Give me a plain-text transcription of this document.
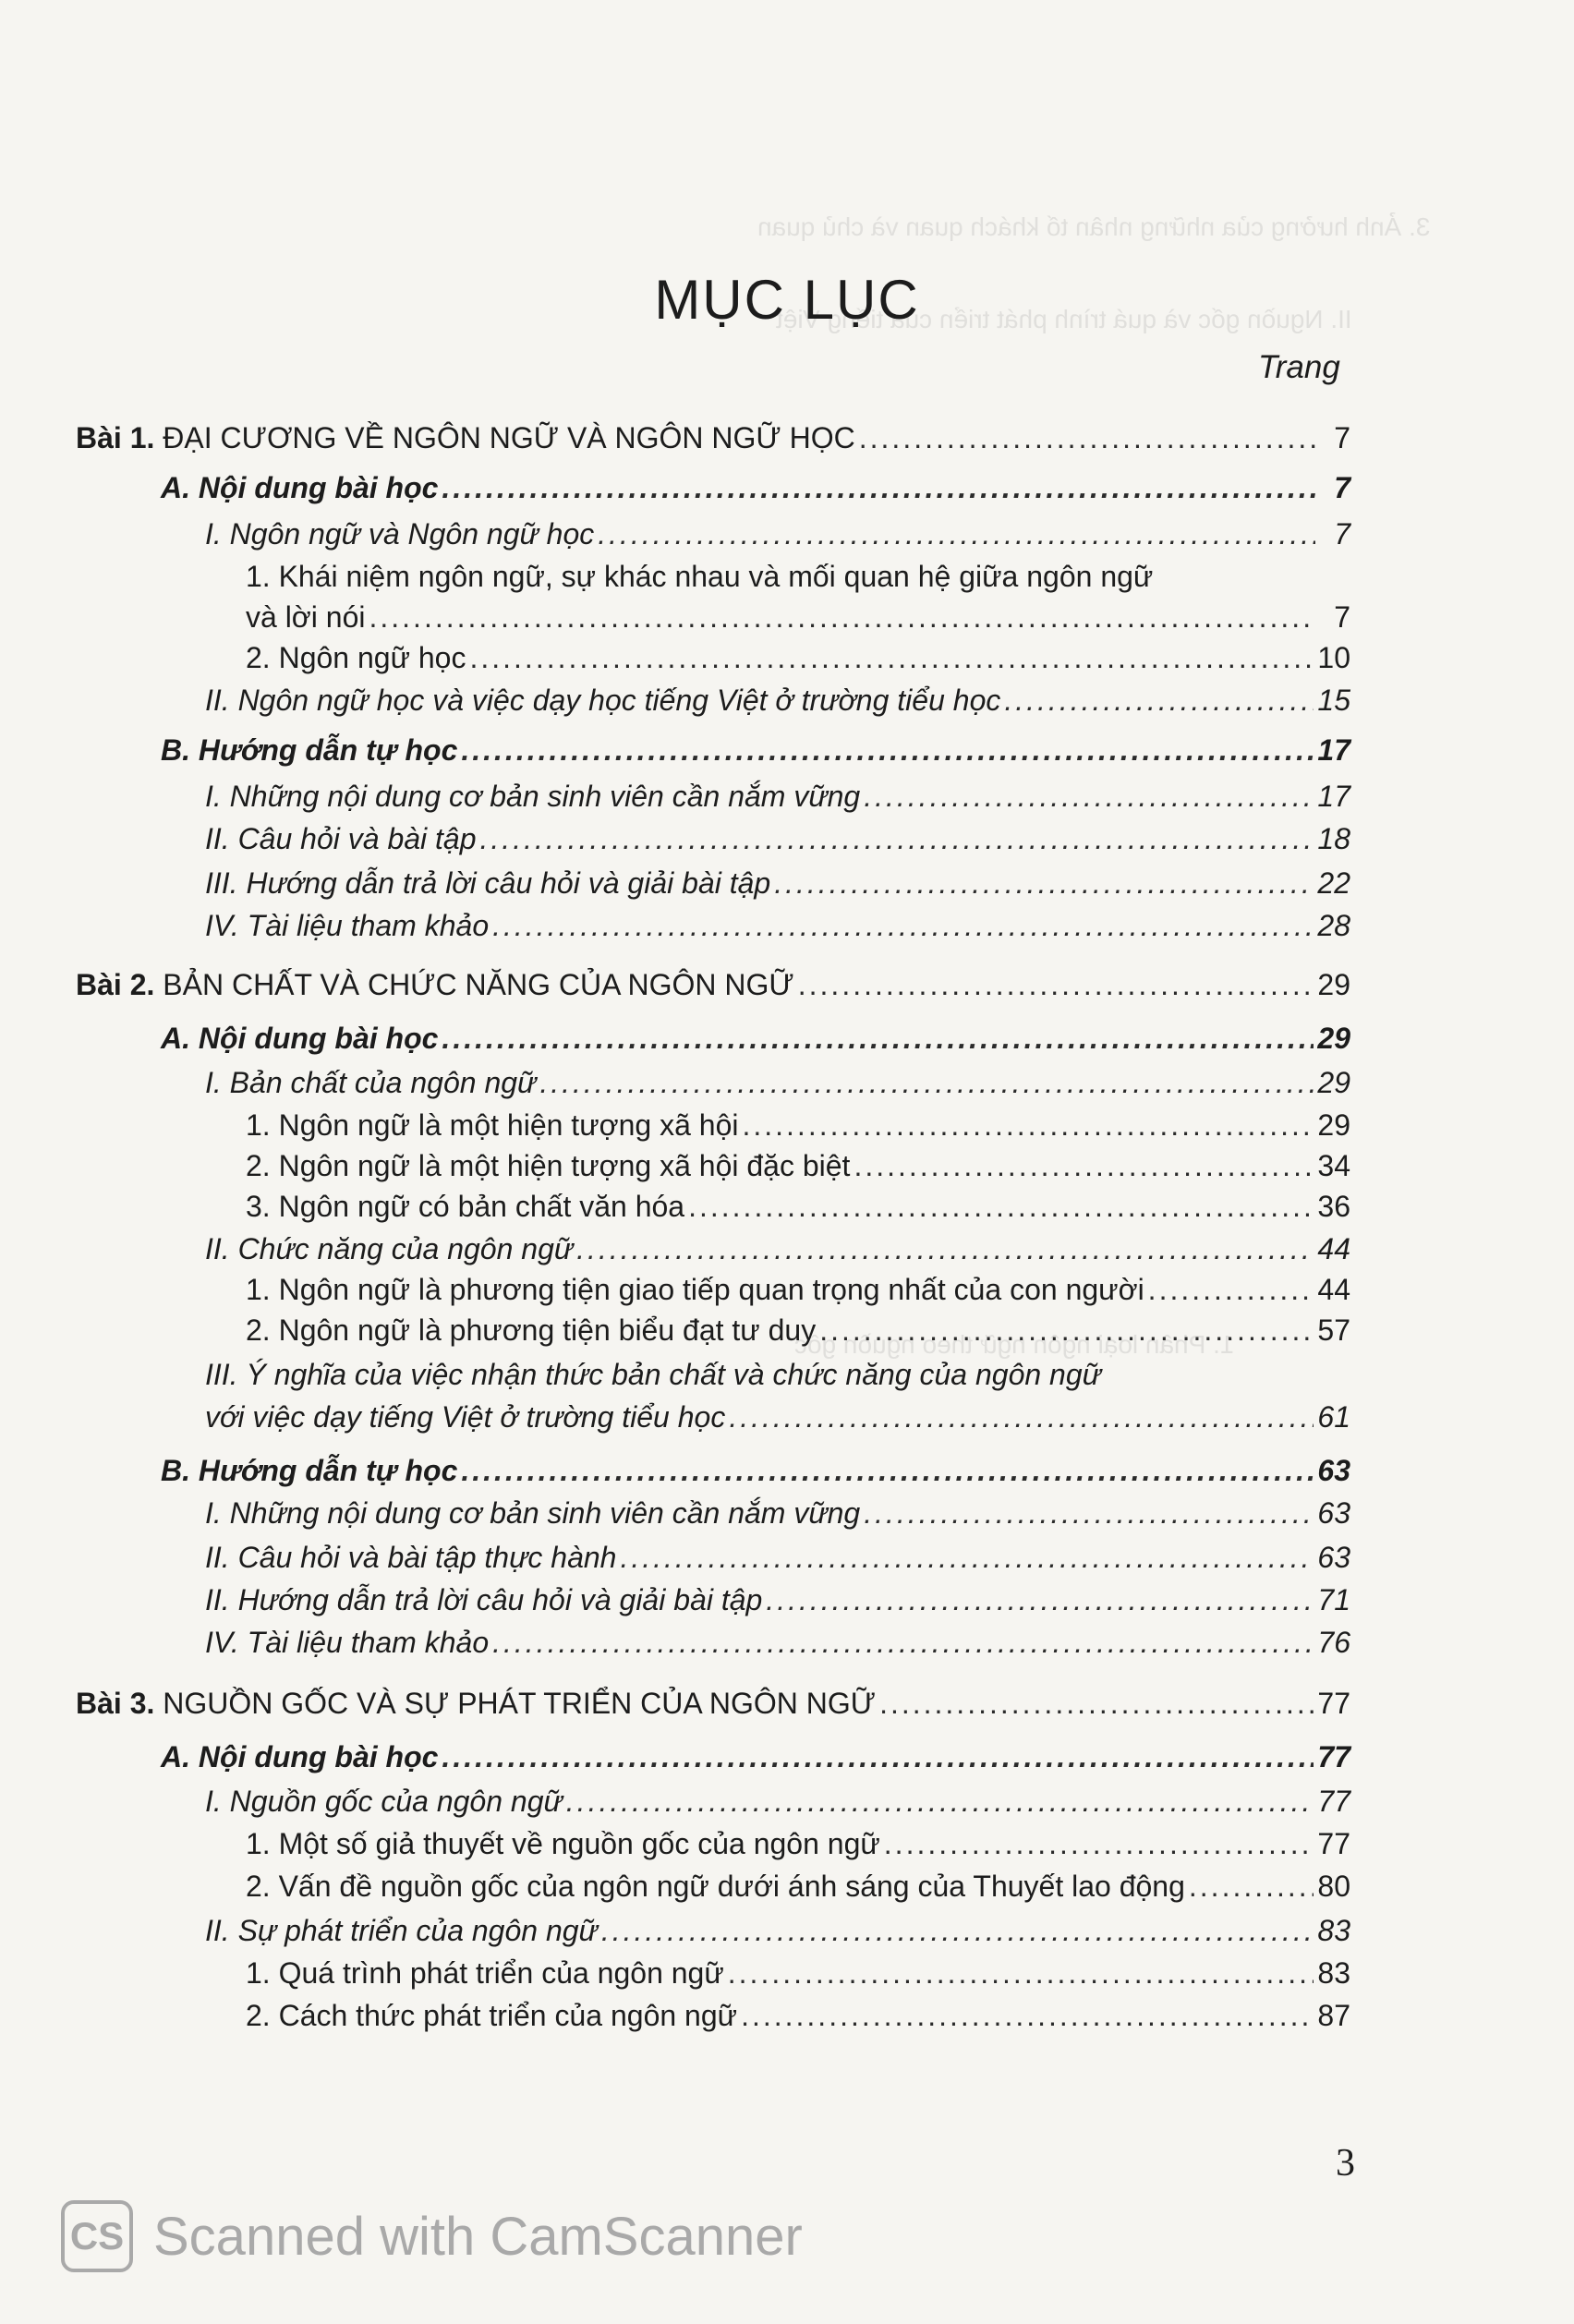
3. Ảnh hưởng của những nhân tố khách quan và chủ quan
II. Nguồn gốc và quá trình phát triển của tiếng Việt
1. Phân loại ngôn ngữ theo nguồn gốc
MỤC LỤC
Trang
Bài 1. ĐẠI CƯƠNG VỀ NGÔN NGỮ VÀ NGÔN NGỮ HỌC .....	7
A. Nội dung bài học .....	7
I. Ngôn ngữ và Ngôn ngữ học .....	7
1. Khái niệm ngôn ngữ, sự khác nhau và mối quan hệ giữa ngôn ngữ
và lời nói .....	7
2. Ngôn ngữ học .....	10
II. Ngôn ngữ học và việc dạy học tiếng Việt ở trường tiểu học .....	15
B. Hướng dẫn tự học .....	17
I. Những nội dung cơ bản sinh viên cần nắm vững .....	17
II. Câu hỏi và bài tập .....	18
III. Hướng dẫn trả lời câu hỏi và giải bài tập .....	22
IV. Tài liệu tham khảo .....	28
Bài 2. BẢN CHẤT VÀ CHỨC NĂNG CỦA NGÔN NGỮ .....	29
A. Nội dung bài học .....	29
I. Bản chất của ngôn ngữ .....	29
1. Ngôn ngữ là một hiện tượng xã hội .....	29
2. Ngôn ngữ là một hiện tượng xã hội đặc biệt .....	34
3. Ngôn ngữ có bản chất văn hóa .....	36
II. Chức năng của ngôn ngữ .....	44
1. Ngôn ngữ là phương tiện giao tiếp quan trọng nhất của con người .....	44
2. Ngôn ngữ là phương tiện biểu đạt tư duy .....	57
III. Ý nghĩa của việc nhận thức bản chất và chức năng của ngôn ngữ
với việc dạy tiếng Việt ở trường tiểu học .....	61
B. Hướng dẫn tự học .....	63
I. Những nội dung cơ bản sinh viên cần nắm vững .....	63
II. Câu hỏi và bài tập thực hành .....	63
II. Hướng dẫn trả lời câu hỏi và giải bài tập .....	71
IV. Tài liệu tham khảo .....	76
Bài 3. NGUỒN GỐC VÀ SỰ PHÁT TRIỂN CỦA NGÔN NGỮ .....	77
A. Nội dung bài học .....	77
I. Nguồn gốc của ngôn ngữ .....	77
1. Một số giả thuyết về nguồn gốc của ngôn ngữ .....	77
2. Vấn đề nguồn gốc của ngôn ngữ dưới ánh sáng của Thuyết lao động .....	80
II. Sự phát triển của ngôn ngữ .....	83
1. Quá trình phát triển của ngôn ngữ .....	83
2. Cách thức phát triển của ngôn ngữ .....	87
3
CS Scanned with CamScanner
